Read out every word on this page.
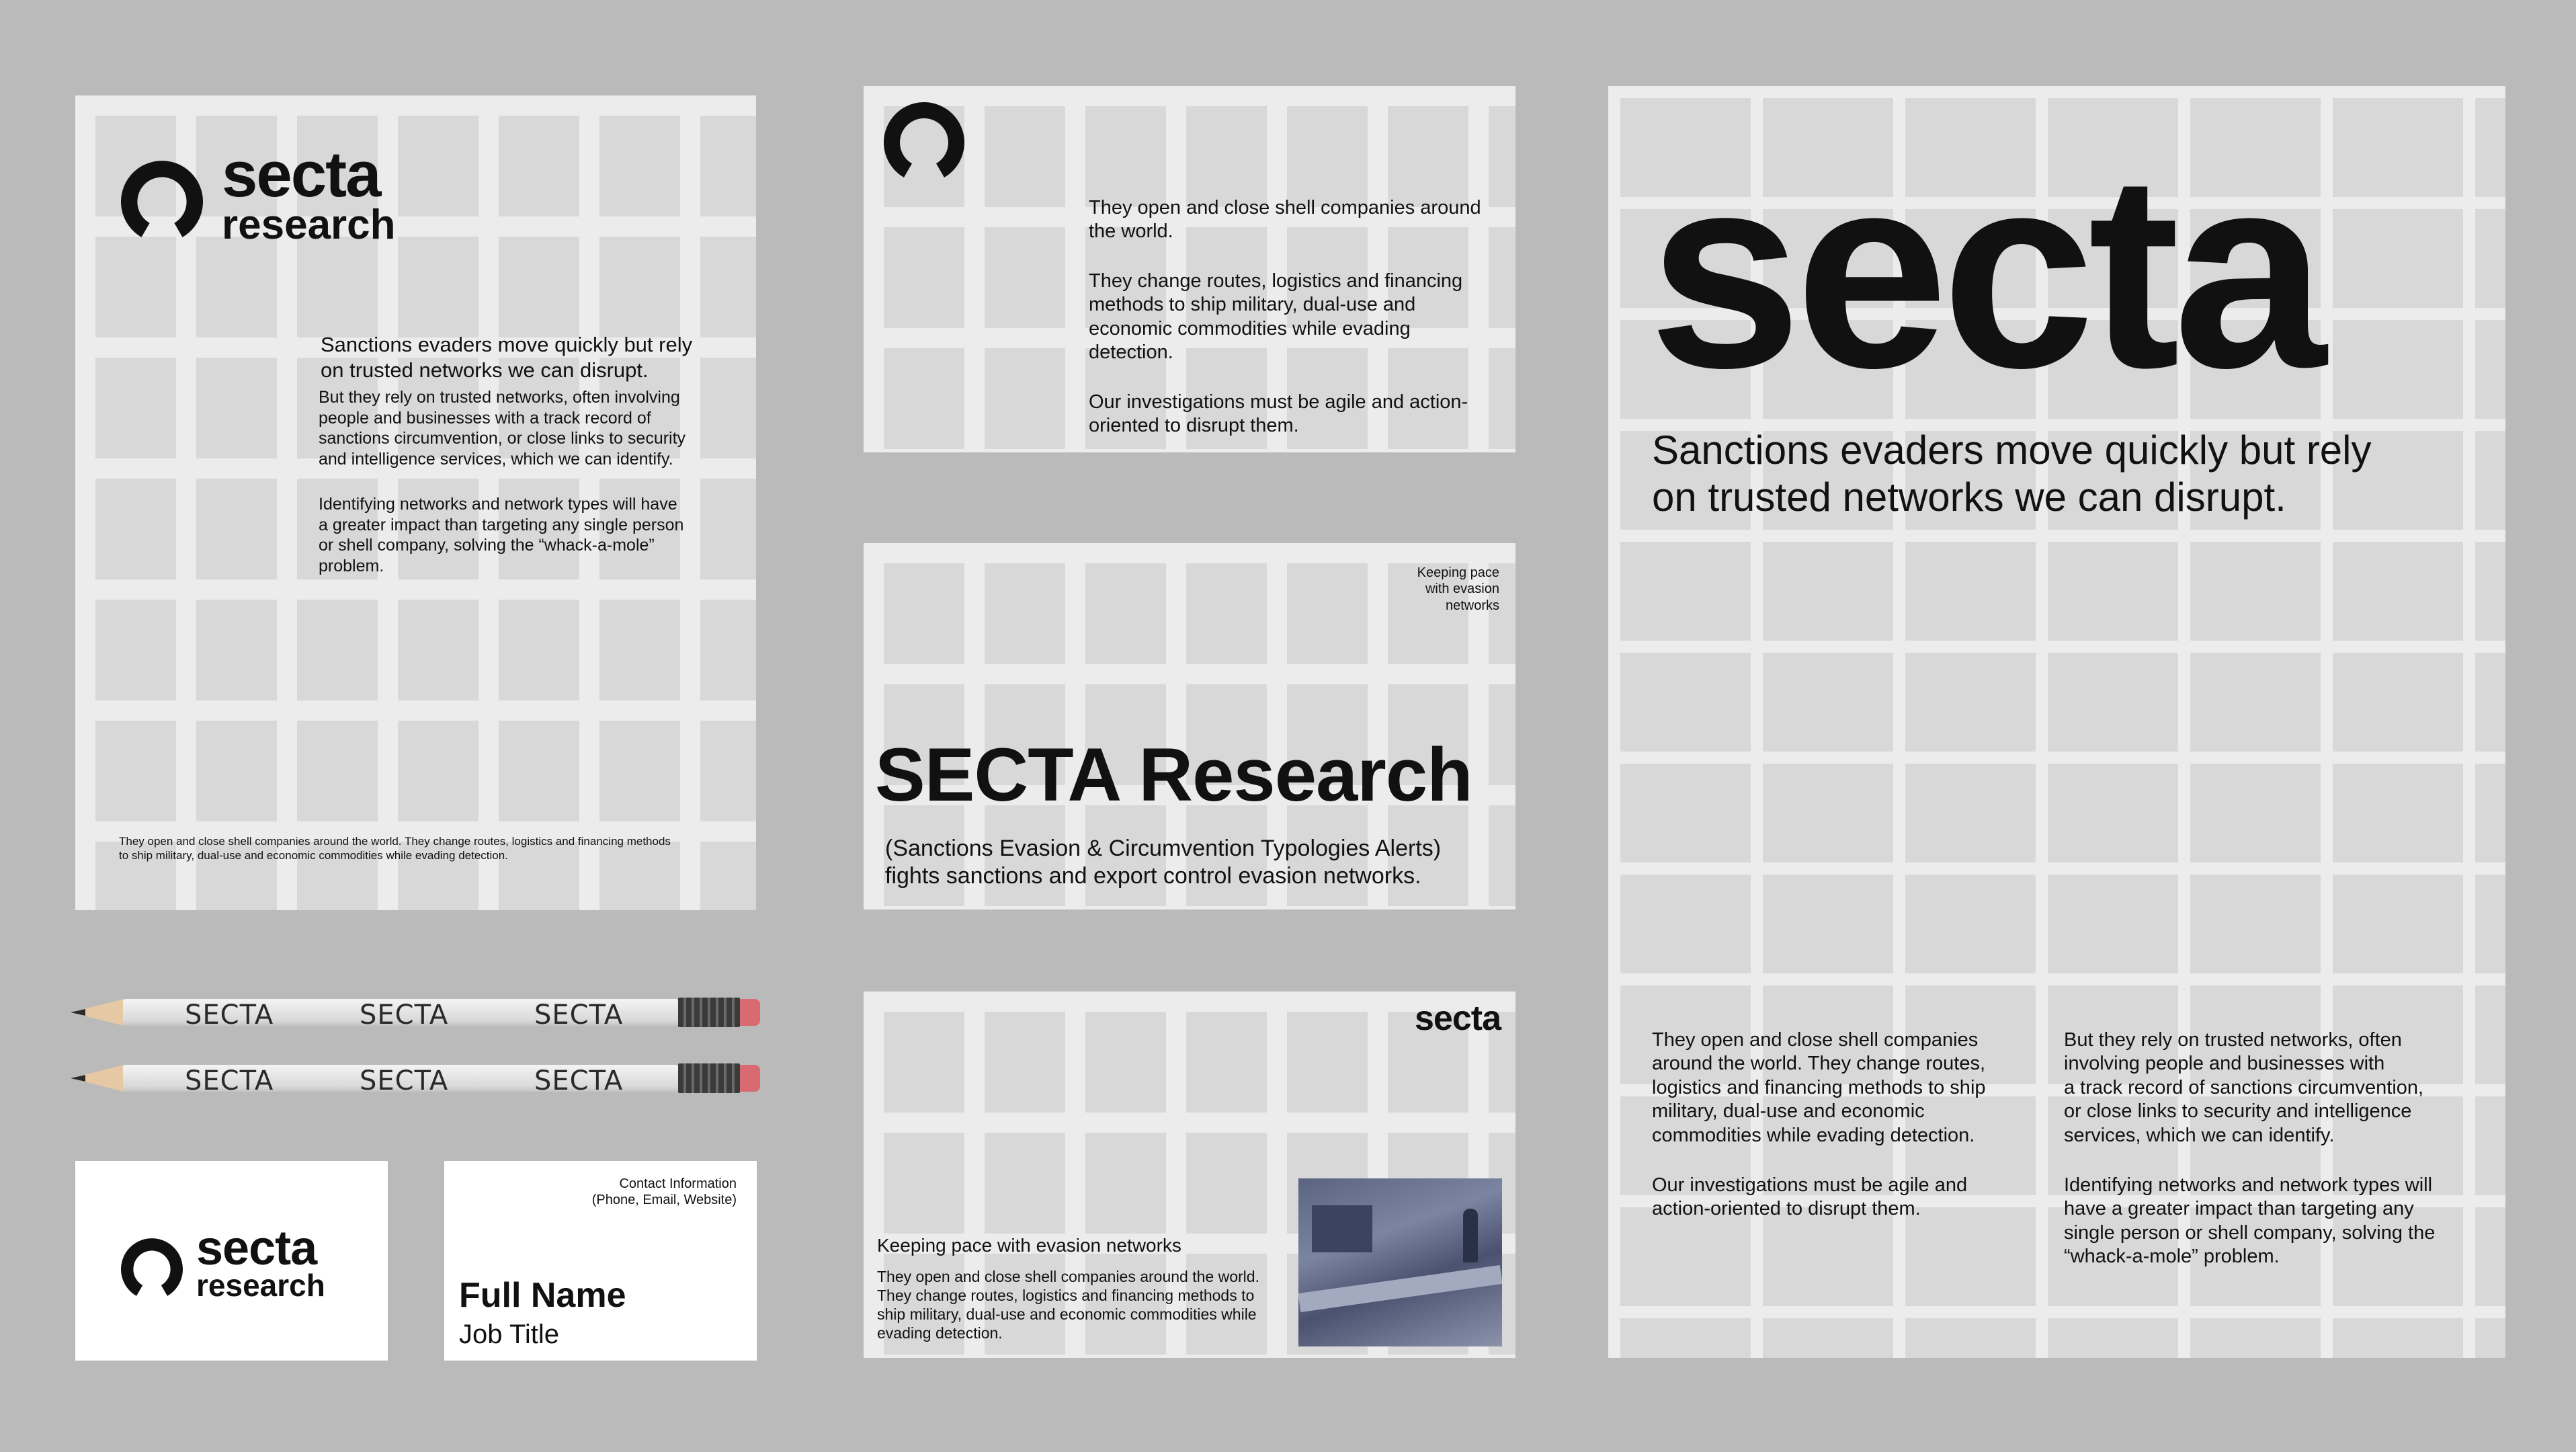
secta
research
Sanctions evaders move quickly but rely
on trusted networks we can disrupt.
But they rely on trusted networks, often involving
people and businesses with a track record of
sanctions circumvention, or close links to security
and intelligence services, which we can identify.
Identifying networks and network types will have
a greater impact than targeting any single person
or shell company, solving the “whack-a-mole”
problem.
They open and close shell companies around the world. They change routes, logistics and financing methods
to ship military, dual-use and economic commodities while evading detection.
They open and close shell companies around
the world.
They change routes, logistics and financing
methods to ship military, dual-use and
economic commodities while evading
detection.
Our investigations must be agile and action-
oriented to disrupt them.
Keeping pace
with evasion
networks
SECTA Research
(Sanctions Evasion & Circumvention Typologies Alerts)
fights sanctions and export control evasion networks.
secta
Keeping pace with evasion networks
They open and close shell companies around the world.
They change routes, logistics and financing methods to
ship military, dual-use and economic commodities while
evading detection.
secta
Sanctions evaders move quickly but rely
on trusted networks we can disrupt.
They open and close shell companies
around the world. They change routes,
logistics and financing methods to ship
military, dual-use and economic
commodities while evading detection.
Our investigations must be agile and
action-oriented to disrupt them.
But they rely on trusted networks, often
involving people and businesses with
a track record of sanctions circumvention,
or close links to security and intelligence
services, which we can identify.
Identifying networks and network types will
have a greater impact than targeting any
single person or shell company, solving the
“whack-a-mole” problem.
SECTA	SECTA	SECTA
SECTA	SECTA	SECTA
secta
research
Contact Information
(Phone, Email, Website)
Full Name
Job Title
